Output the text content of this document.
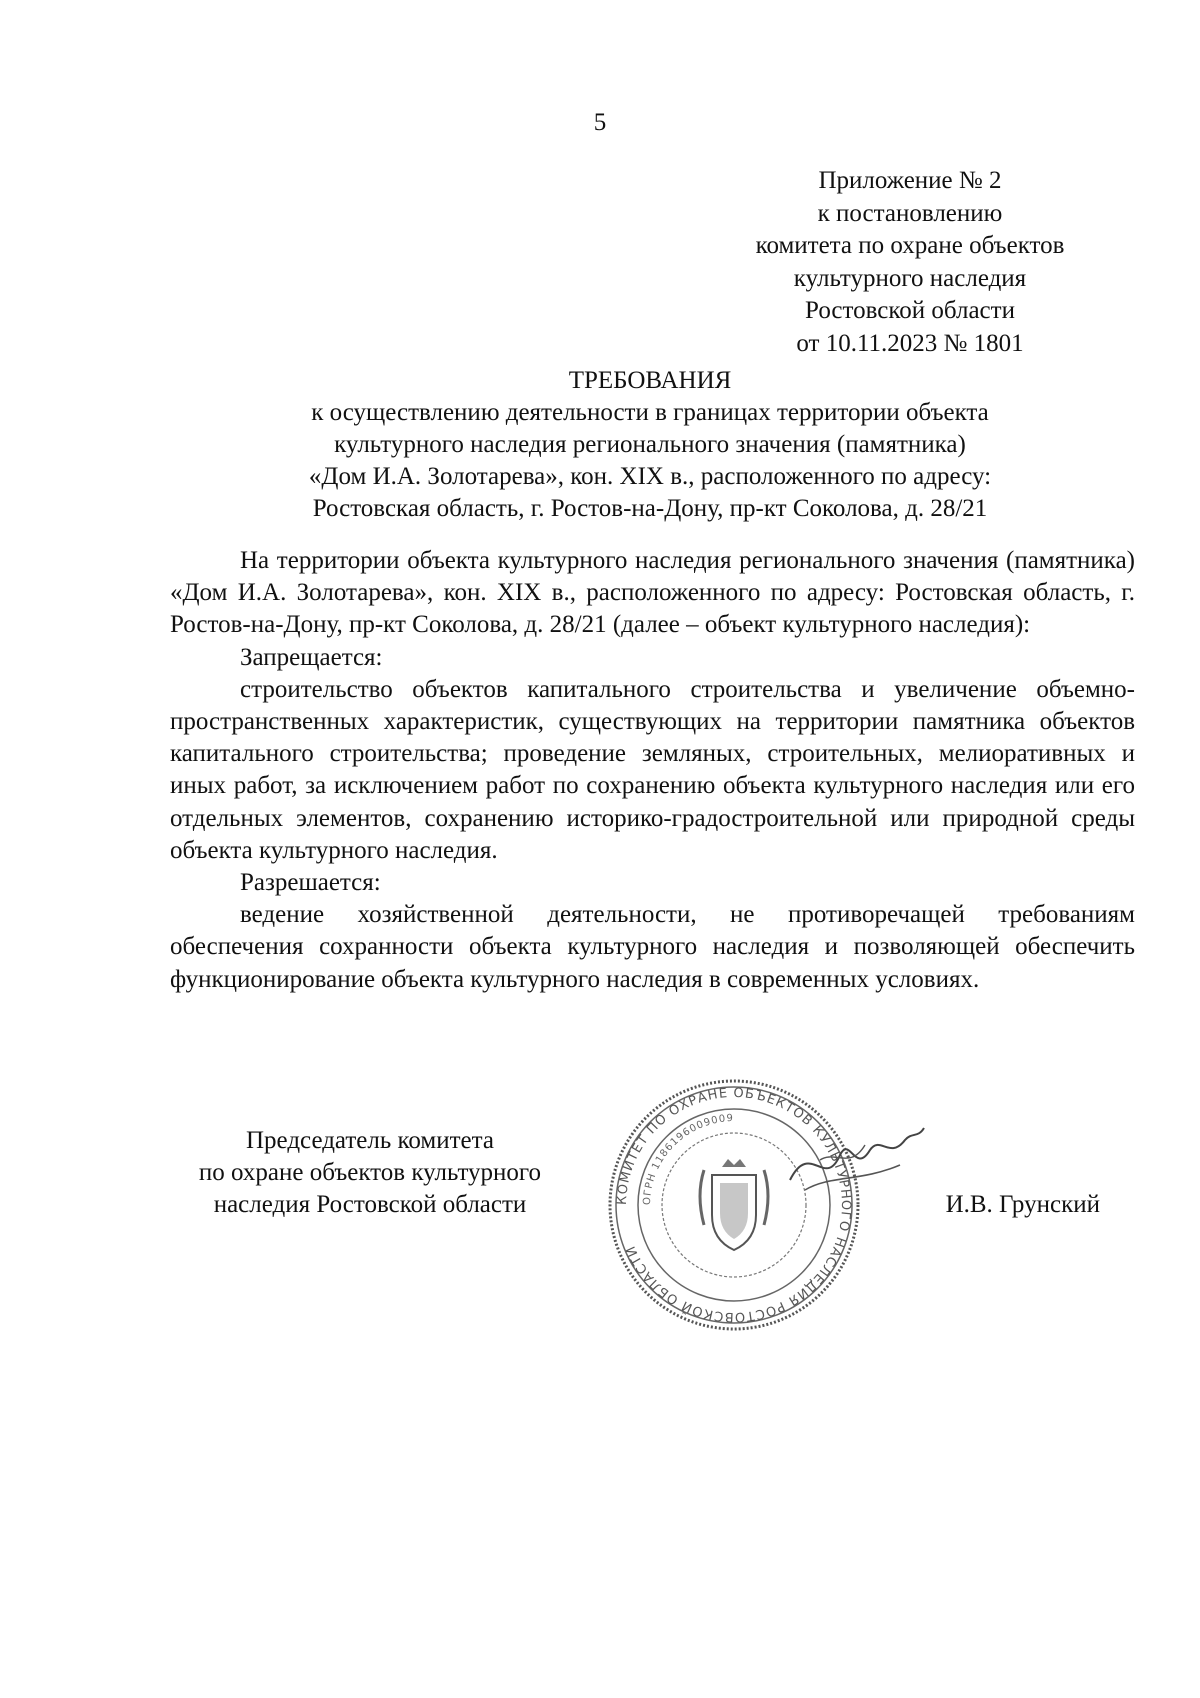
5
Приложение № 2
к постановлению
комитета по охране объектов
культурного наследия
Ростовской области
от 10.11.2023 № 1801
ТРЕБОВАНИЯ
к осуществлению деятельности в границах территории объекта
культурного наследия регионального значения (памятника)
«Дом И.А. Золотарева», кон. XIX в., расположенного по адресу:
Ростовская область, г. Ростов-на-Дону, пр-кт Соколова, д. 28/21

На территории объекта культурного наследия регионального значения (памятника) «Дом И.А. Золотарева», кон. XIX в., расположенного по адресу: Ростовская область, г. Ростов-на-Дону, пр-кт Соколова, д. 28/21 (далее – объект культурного наследия):

Запрещается:

строительство объектов капитального строительства и увеличение объемно-пространственных характеристик, существующих на территории памятника объектов капитального строительства; проведение земляных, строительных, мелиоративных и иных работ, за исключением работ по сохранению объекта культурного наследия или его отдельных элементов, сохранению историко-градостроительной или природной среды объекта культурного наследия.

Разрешается:

ведение хозяйственной деятельности, не противоречащей требованиям обеспечения сохранности объекта культурного наследия и позволяющей обеспечить функционирование объекта культурного наследия в современных условиях.

Председатель комитета
по охране объектов культурного
наследия Ростовской области	КОМИТЕТ ПО ОХРАНЕ ОБЪЕКТОВ КУЛЬТУРНОГО НАСЛЕДИЯ РОСТОВСКОЙ ОБЛАСТИ
ОГРН 1186196009009
И.В. Грунский
